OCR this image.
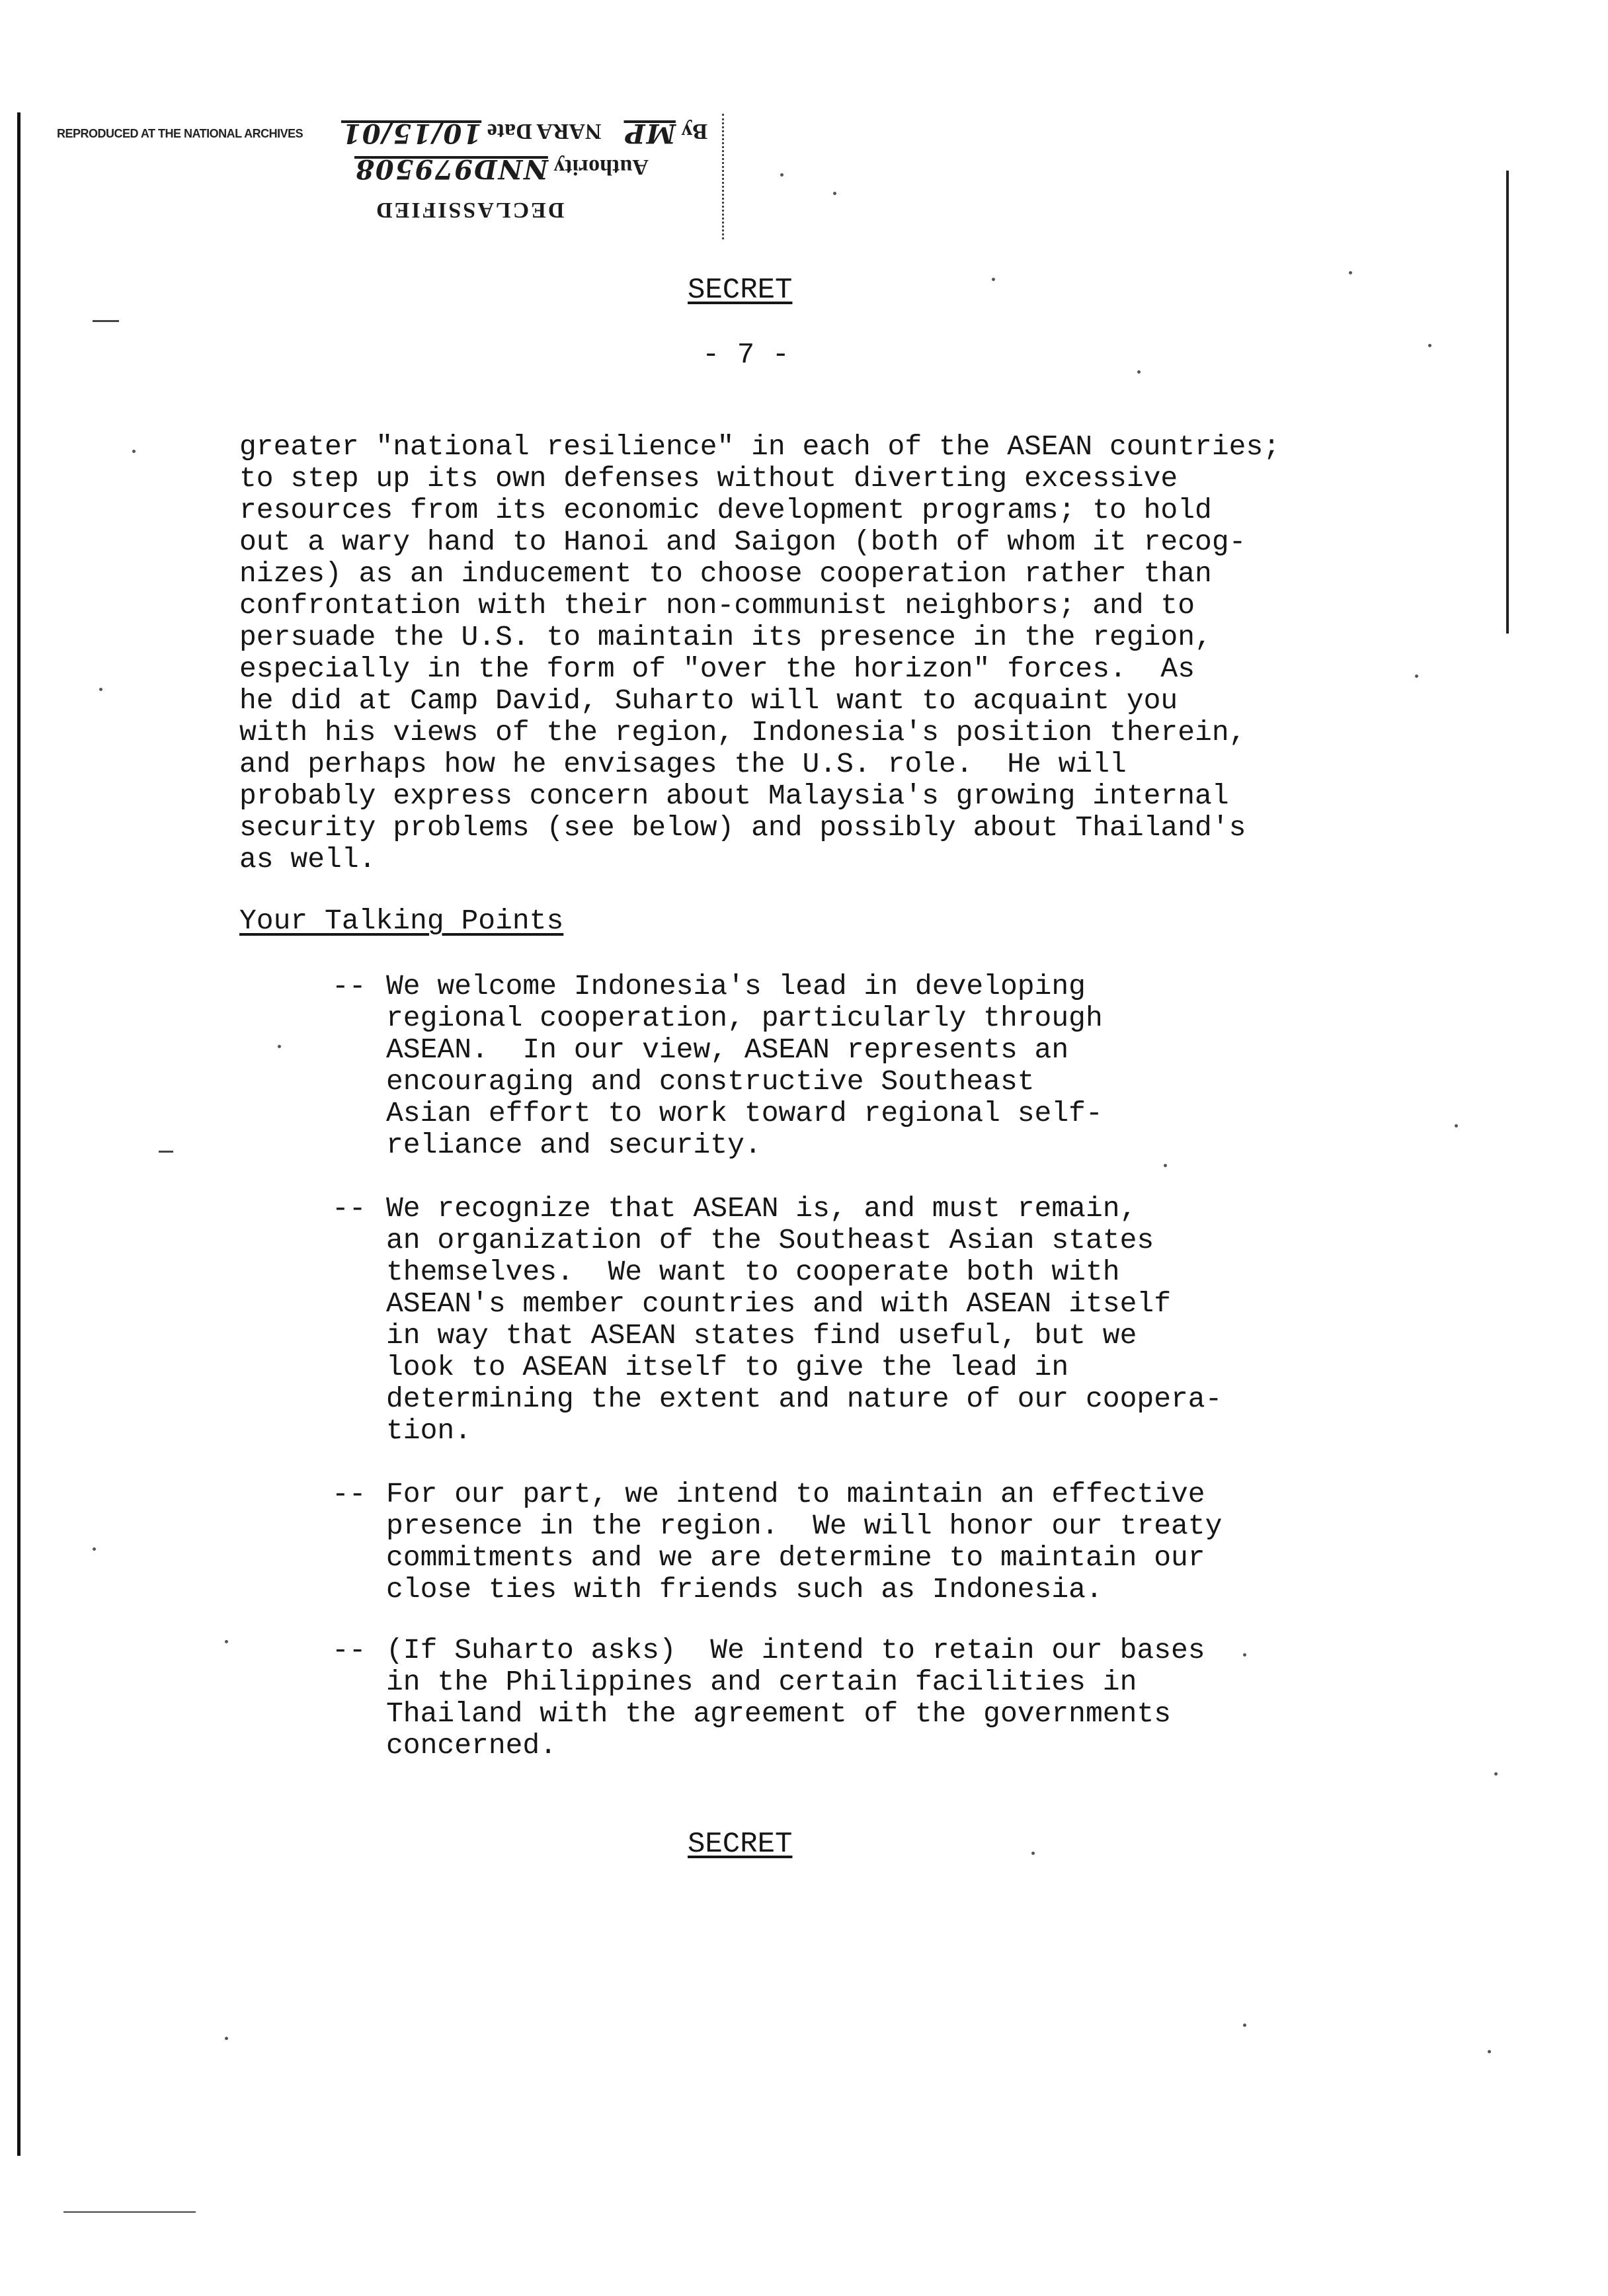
REPRODUCED AT THE NATIONAL ARCHIVES	By MP    NARA Date 10/15/01
Authority NND979508
DECLASSIFIED
SECRET
- 7 -

greater "national resilience" in each of the ASEAN countries;
to step up its own defenses without diverting excessive
resources from its economic development programs; to hold
out a wary hand to Hanoi and Saigon (both of whom it recog-
nizes) as an inducement to choose cooperation rather than
confrontation with their non-communist neighbors; and to
persuade the U.S. to maintain its presence in the region,
especially in the form of "over the horizon" forces.  As
he did at Camp David, Suharto will want to acquaint you
with his views of the region, Indonesia's position therein,
and perhaps how he envisages the U.S. role.  He will
probably express concern about Malaysia's growing internal
security problems (see below) and possibly about Thailand's
as well.

Your Talking Points
-- We welcome Indonesia's lead in developing
regional cooperation, particularly through
ASEAN.  In our view, ASEAN represents an
encouraging and constructive Southeast
Asian effort to work toward regional self-
reliance and security.
-- We recognize that ASEAN is, and must remain,
an organization of the Southeast Asian states
themselves.  We want to cooperate both with
ASEAN's member countries and with ASEAN itself
in way that ASEAN states find useful, but we
look to ASEAN itself to give the lead in
determining the extent and nature of our coopera-
tion.
-- For our part, we intend to maintain an effective
presence in the region.  We will honor our treaty
commitments and we are determine to maintain our
close ties with friends such as Indonesia.
-- (If Suharto asks)  We intend to retain our bases
in the Philippines and certain facilities in
Thailand with the agreement of the governments
concerned.
SECRET
